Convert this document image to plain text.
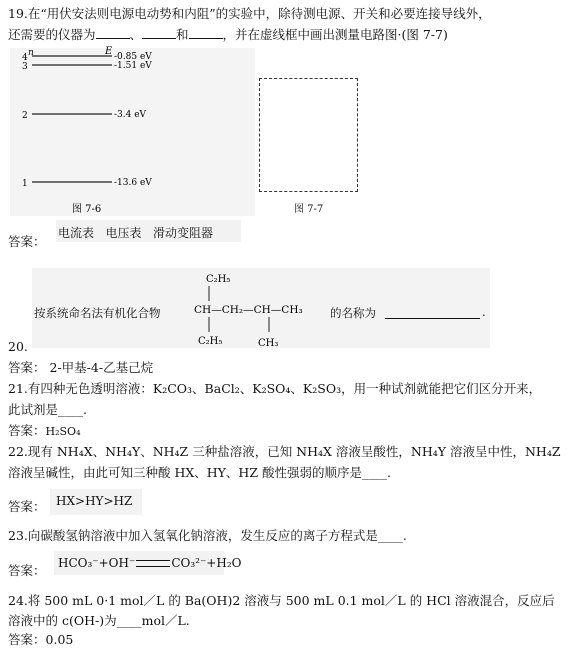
19.在“用伏安法则电源电动势和内阻”的实验中，除待测电源、开关和必要连接导线外，
还需要的仪器为	、	和	，并在虚线框中画出测量电路图·(图 7-7)
n	E
4	-0.85 eV
3	-1.51 eV
2	-3.4 eV
1	-13.6 eV
图 7-6	图 7-7
答案：
电流表 电压表 滑动变阻器
按系统命名法有机化合物
C₂H₅
CH—CH₂—CH—CH₃
C₂H₅	CH₃
的名称为	.
20.
答案： 2-甲基-4-乙基己烷
21.有四种无色透明溶液：K₂CO₃、BaCl₂、K₂SO₄、K₂SO₃，用一种试剂就能把它们区分开来，
此试剂是____.
答案：H₂SO₄
22.现有 NH₄X、NH₄Y、NH₄Z 三种盐溶液，已知 NH₄X 溶液呈酸性，NH₄Y 溶液呈中性，NH₄Z
溶液呈碱性，由此可知三种酸 HX、HY、HZ 酸性强弱的顺序是____.
答案： HX>HY>HZ
23.向碳酸氢钠溶液中加入氢氧化钠溶液，发生反应的离子方程式是____.
答案： HCO₃⁻+OH⁻	CO₃²⁻+H₂O
24.将 500 mL 0·1 mol／L 的 Ba(OH)2 溶液与 500 mL 0.1 mol／L 的 HCl 溶液混合，反应后
溶液中的 c(OH-)为____mol／L.
答案：0.05
